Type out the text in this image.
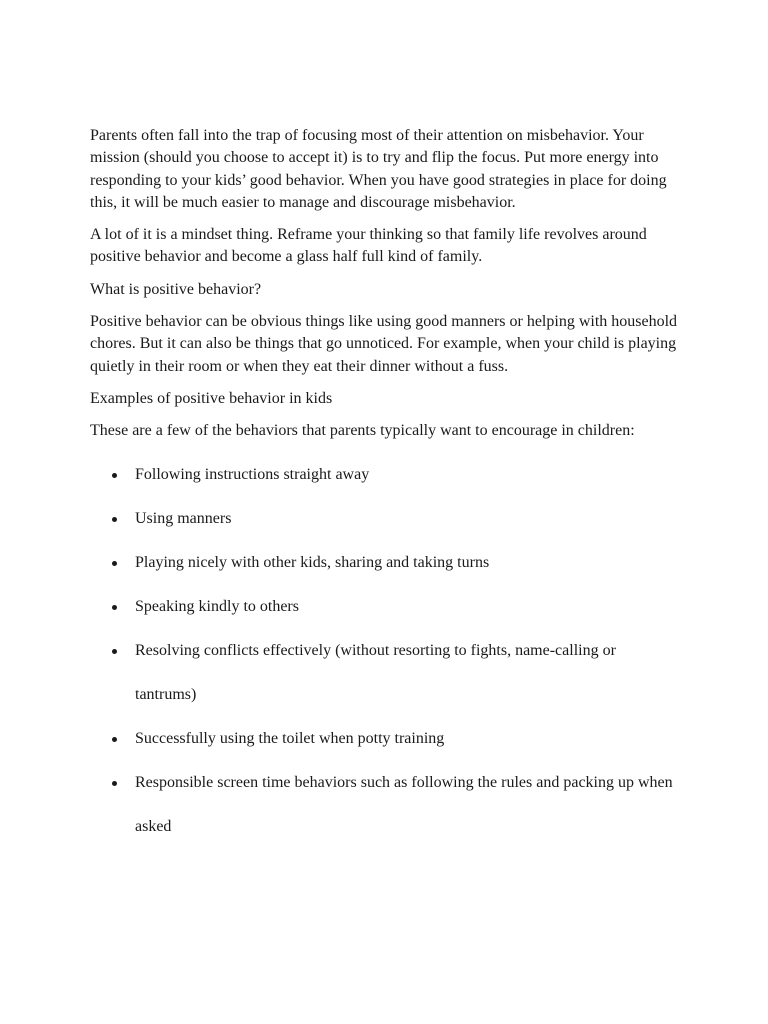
Parents often fall into the trap of focusing most of their attention on misbehavior. Your mission (should you choose to accept it) is to try and flip the focus. Put more energy into responding to your kids’ good behavior. When you have good strategies in place for doing this, it will be much easier to manage and discourage misbehavior.

A lot of it is a mindset thing. Reframe your thinking so that family life revolves around positive behavior and become a glass half full kind of family.

What is positive behavior?

Positive behavior can be obvious things like using good manners or helping with household chores. But it can also be things that go unnoticed. For example, when your child is playing quietly in their room or when they eat their dinner without a fuss.

Examples of positive behavior in kids

These are a few of the behaviors that parents typically want to encourage in children:

Following instructions straight away
Using manners
Playing nicely with other kids, sharing and taking turns
Speaking kindly to others
Resolving conflicts effectively (without resorting to fights, name-calling or tantrums)
Successfully using the toilet when potty training
Responsible screen time behaviors such as following the rules and packing up when asked
